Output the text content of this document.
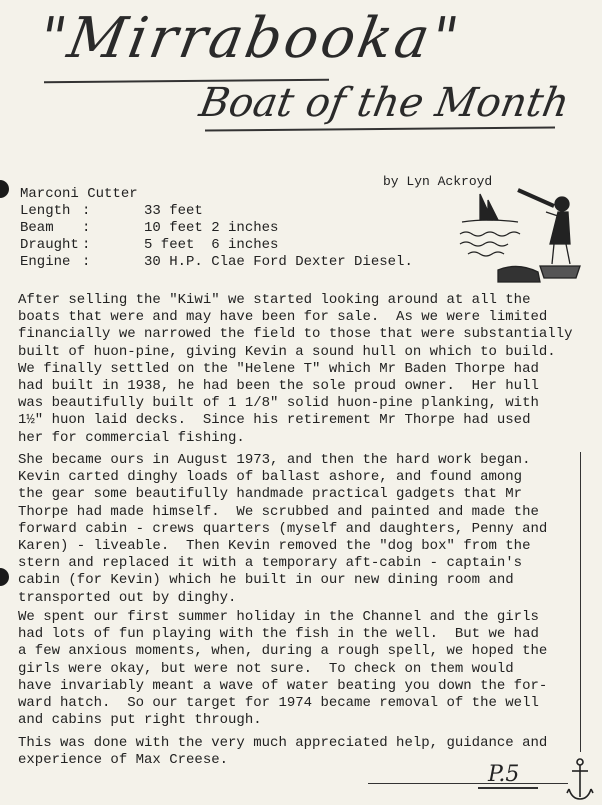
"Mirrabooka"
Boat of the Month
by Lyn Ackroyd
Marconi Cutter
Length :	33 feet
Beam	:	10 feet 2 inches
Draught :	5 feet  6 inches
Engine :	30 H.P. Clae Ford Dexter Diesel.
After selling the "Kiwi" we started looking around at all the
boats that were and may have been for sale.  As we were limited
financially we narrowed the field to those that were substantially
built of huon-pine, giving Kevin a sound hull on which to build.
We finally settled on the "Helene T" which Mr Baden Thorpe had
had built in 1938, he had been the sole proud owner.  Her hull
was beautifully built of 1 1/8" solid huon-pine planking, with
1½" huon laid decks.  Since his retirement Mr Thorpe had used
her for commercial fishing.
She became ours in August 1973, and then the hard work began.
Kevin carted dinghy loads of ballast ashore, and found among
the gear some beautifully handmade practical gadgets that Mr
Thorpe had made himself.  We scrubbed and painted and made the
forward cabin - crews quarters (myself and daughters, Penny and
Karen) - liveable.  Then Kevin removed the "dog box" from the
stern and replaced it with a temporary aft-cabin - captain's
cabin (for Kevin) which he built in our new dining room and
transported out by dinghy.
We spent our first summer holiday in the Channel and the girls
had lots of fun playing with the fish in the well.  But we had
a few anxious moments, when, during a rough spell, we hoped the
girls were okay, but were not sure.  To check on them would
have invariably meant a wave of water beating you down the for-
ward hatch.  So our target for 1974 became removal of the well
and cabins put right through.
This was done with the very much appreciated help, guidance and
experience of Max Creese.
P.5
